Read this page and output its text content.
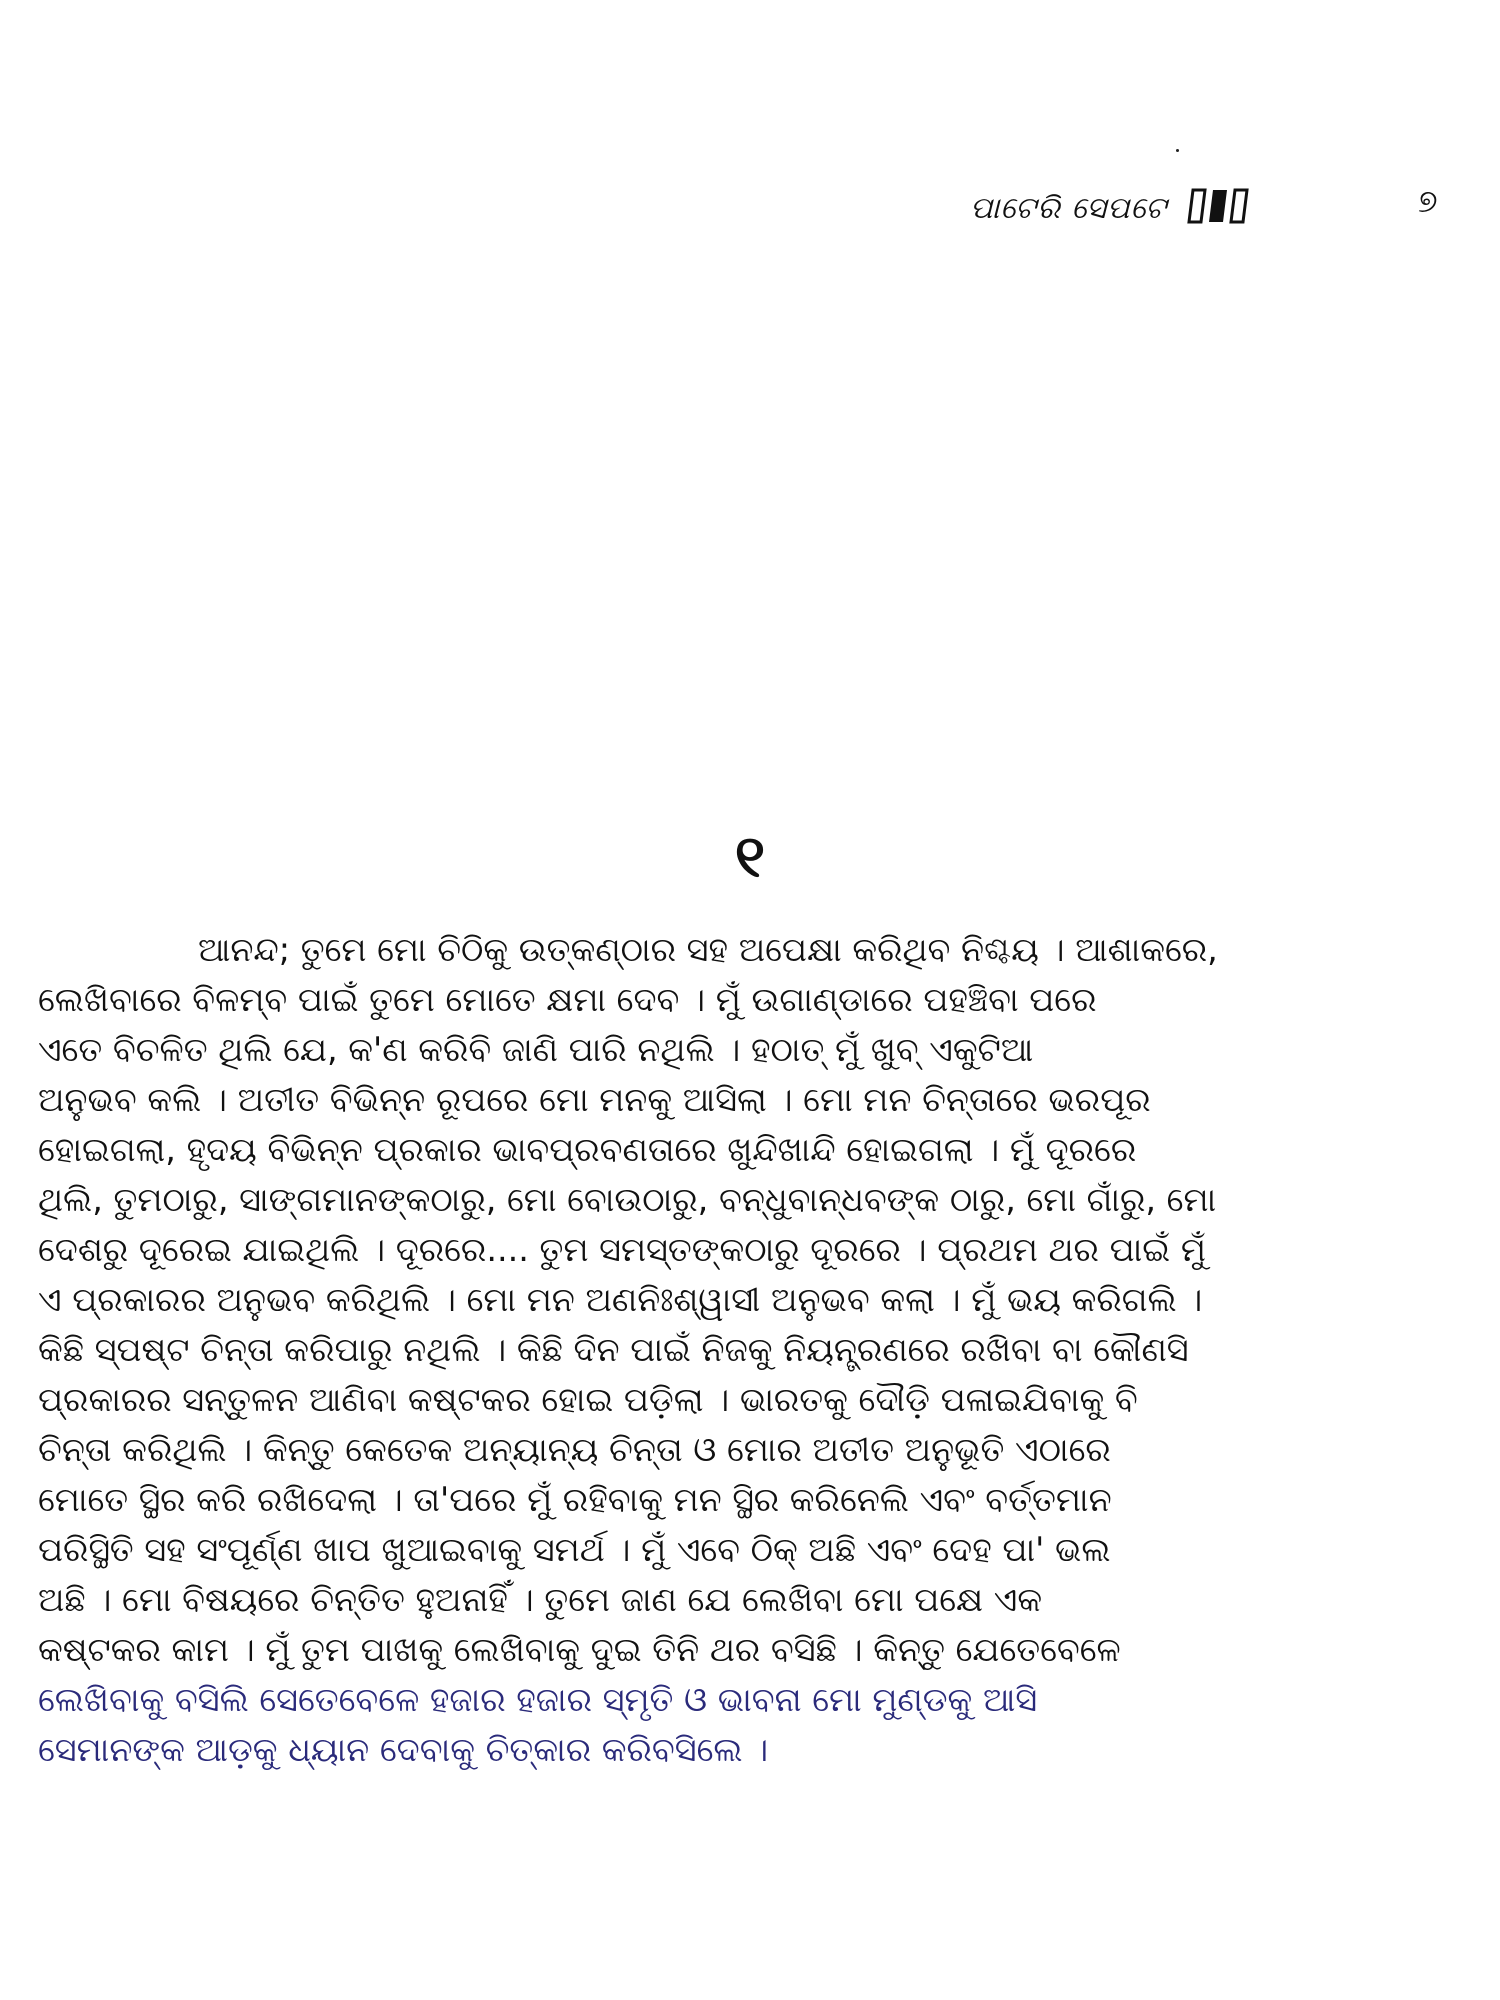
ପାଟେରି ସେପଟେ	୭
୧
ଆନନ୍ଦ; ତୁମେ ମୋ ଚିଠିକୁ ଉତ୍କଣ୍ଠାର ସହ ଅପେକ୍ଷା କରିଥିବ ନିଶ୍ଚୟ । ଆଶାକରେ,
ଲେଖିବାରେ ବିଳମ୍ବ ପାଇଁ ତୁମେ ମୋତେ କ୍ଷମା ଦେବ । ମୁଁ ଉଗାଣ୍ଡାରେ ପହଞ୍ଚିବା ପରେ
ଏତେ ବିଚଳିତ ଥିଲି ଯେ, କ'ଣ କରିବି ଜାଣି ପାରି ନଥିଲି । ହଠାତ୍ ମୁଁ ଖୁବ୍ ଏକୁଟିଆ
ଅନୁଭବ କଲି । ଅତୀତ ବିଭିନ୍ନ ରୂପରେ ମୋ ମନକୁ ଆସିଲା । ମୋ ମନ ଚିନ୍ତାରେ ଭରପୂର
ହୋଇଗଲା, ହୃଦୟ ବିଭିନ୍ନ ପ୍ରକାର ଭାବପ୍ରବଣତାରେ ଖୁନ୍ଦିଖାନ୍ଦି ହୋଇଗଲା । ମୁଁ ଦୂରରେ
ଥିଲି, ତୁମଠାରୁ, ସାଙ୍ଗମାନଙ୍କଠାରୁ, ମୋ ବୋଉଠାରୁ, ବନ୍ଧୁବାନ୍ଧବଙ୍କ ଠାରୁ, ମୋ ଗାଁରୁ, ମୋ
ଦେଶରୁ ଦୂରେଇ ଯାଇଥିଲି । ଦୂରରେ.... ତୁମ ସମସ୍ତଙ୍କଠାରୁ ଦୂରରେ । ପ୍ରଥମ ଥର ପାଇଁ ମୁଁ
ଏ ପ୍ରକାରର ଅନୁଭବ କରିଥିଲି । ମୋ ମନ ଅଣନିଃଶ୍ୱାସୀ ଅନୁଭବ କଲା । ମୁଁ ଭୟ କରିଗଲି ।
କିଛି ସ୍ପଷ୍ଟ ଚିନ୍ତା କରିପାରୁ ନଥିଲି । କିଛି ଦିନ ପାଇଁ ନିଜକୁ ନିୟନ୍ତ୍ରଣରେ ରଖିବା ବା କୌଣସି
ପ୍ରକାରର ସନ୍ତୁଳନ ଆଣିବା କଷ୍ଟକର ହୋଇ ପଡ଼ିଲା । ଭାରତକୁ ଦୌଡ଼ି ପଳାଇଯିବାକୁ ବି
ଚିନ୍ତା କରିଥିଲି । କିନ୍ତୁ କେତେକ ଅନ୍ୟାନ୍ୟ ଚିନ୍ତା ଓ ମୋର ଅତୀତ ଅନୁଭୂତି ଏଠାରେ
ମୋତେ ସ୍ଥିର କରି ରଖିଦେଲା । ତା'ପରେ ମୁଁ ରହିବାକୁ ମନ ସ୍ଥିର କରିନେଲି ଏବଂ ବର୍ତ୍ତମାନ
ପରିସ୍ଥିତି ସହ ସଂପୂର୍ଣ୍ଣ ଖାପ ଖୁଆଇବାକୁ ସମର୍ଥ । ମୁଁ ଏବେ ଠିକ୍ ଅଛି ଏବଂ ଦେହ ପା' ଭଲ
ଅଛି । ମୋ ବିଷୟରେ ଚିନ୍ତିତ ହୁଅନାହିଁ । ତୁମେ ଜାଣ ଯେ ଲେଖିବା ମୋ ପକ୍ଷେ ଏକ
କଷ୍ଟକର କାମ । ମୁଁ ତୁମ ପାଖକୁ ଲେଖିବାକୁ ଦୁଇ ତିନି ଥର ବସିଛି । କିନ୍ତୁ ଯେତେବେଳେ
ଲେଖିବାକୁ ବସିଲି ସେତେବେଳେ ହଜାର ହଜାର ସ୍ମୃତି ଓ ଭାବନା ମୋ ମୁଣ୍ଡକୁ ଆସି
ସେମାନଙ୍କ ଆଡ଼କୁ ଧ୍ୟାନ ଦେବାକୁ ଚିତ୍କାର କରିବସିଲେ ।
